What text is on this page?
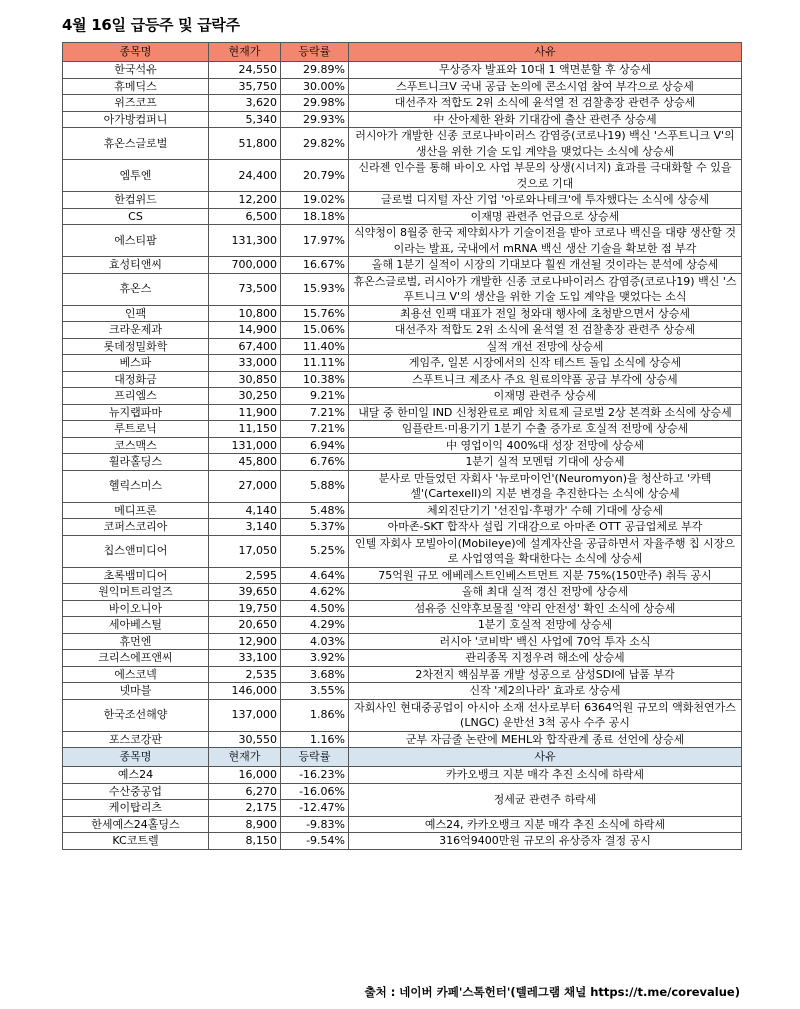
4월 16일 급등주 및 급락주
종목명	현재가	등락률	사유
한국석유	24,550	29.89%	무상증자 발표와 10대 1 액면분할 후 상승세
휴메딕스	35,750	30.00%	스푸트니크V 국내 공급 논의에 콘소시엄 참여 부각으로 상승세
위즈코프	3,620	29.98%	대선주자 적합도 2위 소식에 윤석열 전 검찰총장 관련주 상승세
아가방컴퍼니	5,340	29.93%	中 산아제한 완화 기대감에 출산 관련주 상승세
휴온스글로벌	51,800	29.82%	러시아가 개발한 신종 코로나바이러스 감염증(코로나19) 백신 '스푸트니크 V'의 생산을 위한 기술 도입 계약을 맺었다는 소식에 상승세
엠투엔	24,400	20.79%	신라젠 인수를 통해 바이오 사업 부문의 상생(시너지) 효과를 극대화할 수 있을 것으로 기대
한컴위드	12,200	19.02%	글로벌 디지털 자산 기업 '아로와나테크'에 투자했다는 소식에 상승세
CS	6,500	18.18%	이재명 관련주 언급으로 상승세
에스티팜	131,300	17.97%	식약청이 8월중 한국 제약회사가 기술이전을 받아 코로나 백신을 대량 생산할 것이라는 발표, 국내에서 mRNA 백신 생산 기술을 확보한 점 부각
효성티앤씨	700,000	16.67%	올해 1분기 실적이 시장의 기대보다 훨씬 개선될 것이라는 분석에 상승세
휴온스	73,500	15.93%	휴온스글로벌, 러시아가 개발한 신종 코로나바이러스 감염증(코로나19) 백신 '스푸트니크 V'의 생산을 위한 기술 도입 계약을 맺었다는 소식
인팩	10,800	15.76%	최용선 인팩 대표가 전일 청와대 행사에 초청받으면서 상승세
크라운제과	14,900	15.06%	대선주자 적합도 2위 소식에 윤석열 전 검찰총장 관련주 상승세
롯데정밀화학	67,400	11.40%	실적 개선 전망에 상승세
베스파	33,000	11.11%	게임주, 일본 시장에서의 신작 테스트 돌입 소식에 상승세
대정화금	30,850	10.38%	스푸트니크 제조사 주요 원료의약품 공급 부각에 상승세
프리엠스	30,250	9.21%	이재명 관련주 상승세
뉴지랩파마	11,900	7.21%	내달 중 한미일 IND 신청완료로 폐암 치료제 글로벌 2상 본격화 소식에 상승세
루트로닉	11,150	7.21%	임플란트·미용기기 1분기 수출 증가로 호실적 전망에 상승세
코스맥스	131,000	6.94%	中 영업이익 400%대 성장 전망에 상승세
휠라홀딩스	45,800	6.76%	1분기 실적 모멘텀 기대에 상승세
헬릭스미스	27,000	5.88%	분사로 만들었던 자회사 '뉴로마이언'(Neuromyon)을 청산하고 '카텍셀'(Cartexell)의 지분 변경을 추진한다는 소식에 상승세
메디프론	4,140	5.48%	체외진단기기 '선진입·후평가' 수혜 기대에 상승세
코퍼스코리아	3,140	5.37%	아마존-SKT 합작사 설립 기대감으로 아마존 OTT 공급업체로 부각
칩스앤미디어	17,050	5.25%	인텔 자회사 모빌아이(Mobileye)에 설계자산을 공급하면서 자율주행 칩 시장으로 사업영역을 확대한다는 소식에 상승세
초록뱀미디어	2,595	4.64%	75억원 규모 에베레스트인베스트먼트 지분 75%(150만주) 취득 공시
원익머트리얼즈	39,650	4.62%	올해 최대 실적 경신 전망에 상승세
바이오니아	19,750	4.50%	섬유증 신약후보물질 '약리 안전성' 확인 소식에 상승세
세아베스틸	20,650	4.29%	1분기 호실적 전망에 상승세
휴먼엔	12,900	4.03%	러시아 '코비박' 백신 사업에 70억 투자 소식
크리스에프앤씨	33,100	3.92%	관리종목 지정우려 해소에 상승세
에스코넥	2,535	3.68%	2차전지 핵심부품 개발 성공으로 삼성SDI에 납품 부각
넷마블	146,000	3.55%	신작 '제2의나라' 효과로 상승세
한국조선해양	137,000	1.86%	자회사인 현대중공업이 아시아 소재 선사로부터 6364억원 규모의 액화천연가스(LNGC) 운반선 3척 공사 수주 공시
포스코강판	30,550	1.16%	군부 자금줄 논란에 MEHL와 합작관계 종료 선언에 상승세
종목명	현재가	등락률	사유
예스24	16,000	-16.23%	카카오뱅크 지분 매각 추진 소식에 하락세
수산중공업	6,270	-16.06%	정세균 관련주 하락세
케이탑리츠	2,175	-12.47%	
한세예스24홀딩스	8,900	-9.83%	예스24, 카카오뱅크 지분 매각 추진 소식에 하락세
KC코트렐	8,150	-9.54%	316억9400만원 규모의 유상증자 결정 공시
출처 : 네이버 카페'스톡헌터'(텔레그램 채널 https://t.me/corevalue)
